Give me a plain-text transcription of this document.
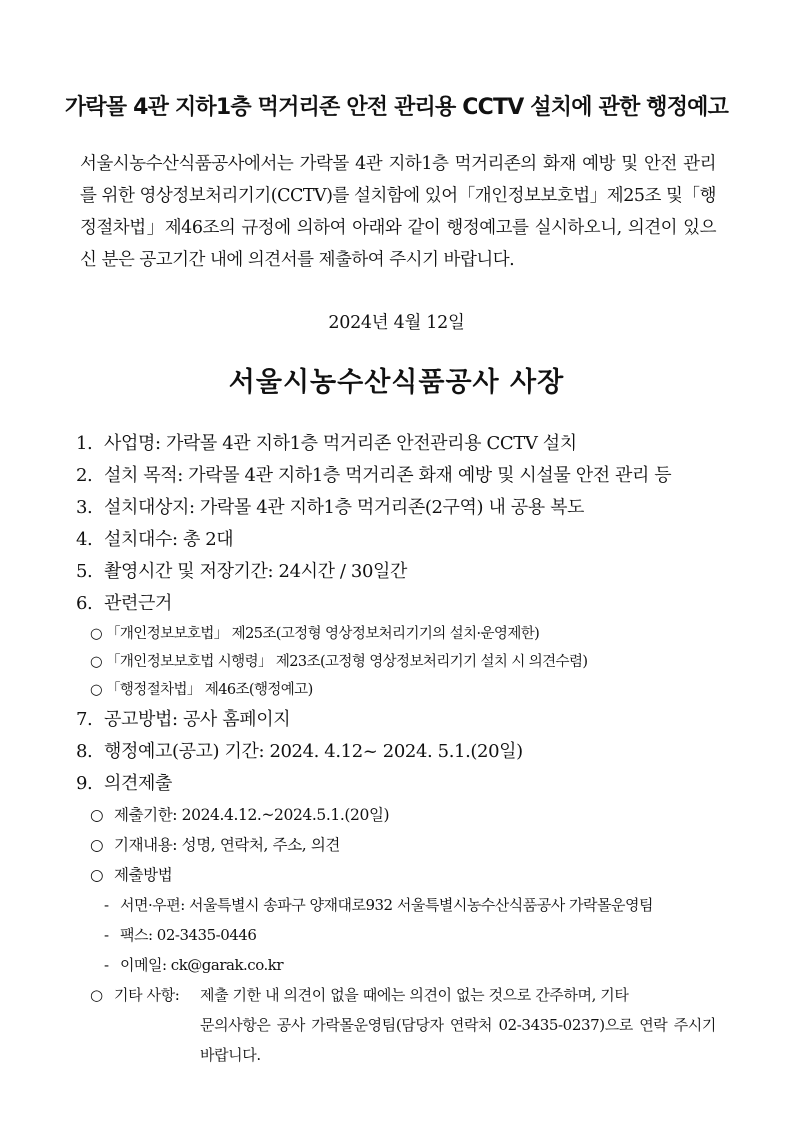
가락몰 4관 지하1층 먹거리존 안전 관리용 CCTV 설치에 관한 행정예고
서울시농수산식품공사에서는 가락몰 4관 지하1층 먹거리존의 화재 예방 및 안전 관리를 위한 영상정보처리기기(CCTV)를 설치함에 있어「개인정보보호법」제25조 및「행정절차법」제46조의 규정에 의하여 아래와 같이 행정예고를 실시하오니, 의견이 있으신 분은 공고기간 내에 의견서를 제출하여 주시기 바랍니다.
2024년 4월 12일
서울시농수산식품공사 사장
1. 사업명: 가락몰 4관 지하1층 먹거리존 안전관리용 CCTV 설치
2. 설치 목적: 가락몰 4관 지하1층 먹거리존 화재 예방 및 시설물 안전 관리 등
3. 설치대상지: 가락몰 4관 지하1층 먹거리존(2구역) 내 공용 복도
4. 설치대수: 총 2대
5. 촬영시간 및 저장기간: 24시간 / 30일간
6. 관련근거
○ 「개인정보보호법」 제25조(고정형 영상정보처리기기의 설치·운영제한)
○ 「개인정보보호법 시행령」 제23조(고정형 영상정보처리기기 설치 시 의견수렴)
○ 「행정절차법」 제46조(행정예고)
7. 공고방법: 공사 홈페이지
8. 행정예고(공고) 기간: 2024. 4.12~ 2024. 5.1.(20일)
9. 의견제출
○ 제출기한: 2024.4.12.~2024.5.1.(20일)
○ 기재내용: 성명, 연락처, 주소, 의견
○ 제출방법
- 서면·우편: 서울특별시 송파구 양재대로932 서울특별시농수산식품공사 가락몰운영팀
- 팩스: 02-3435-0446
- 이메일: ck@garak.co.kr
○ 기타 사항: 제출 기한 내 의견이 없을 때에는 의견이 없는 것으로 간주하며, 기타
문의사항은 공사 가락몰운영팀(담당자 연락처 02-3435-0237)으로 연락 주시기 바랍니다.
